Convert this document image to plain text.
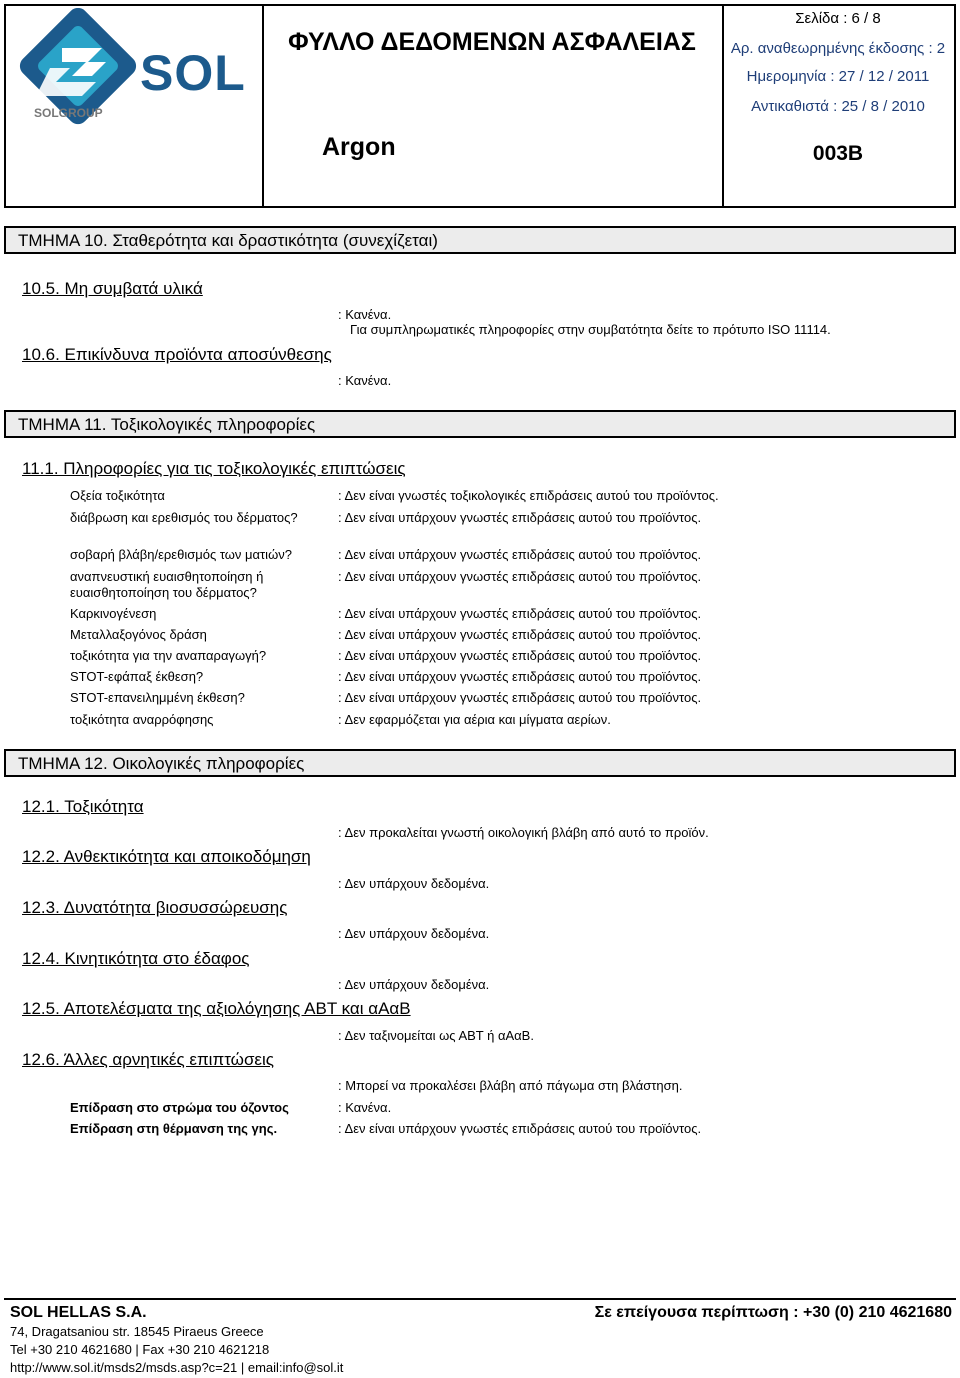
SOL
SOLGROUP
ΦΥΛΛΟ ΔΕΔΟΜΕΝΩΝ ΑΣΦΑΛΕΙΑΣ
Argon
Σελίδα : 6 / 8
Αρ. αναθεωρημένης έκδοσης : 2
Ημερομηνία : 27 / 12 / 2011
Αντικαθιστά : 25 / 8 / 2010
003B
ΤΜΗΜΑ 10. Σταθερότητα και δραστικότητα (συνεχίζεται)
10.5. Μη συμβατά υλικά
: Κανένα.
Για συμπληρωματικές πληροφορίες στην συμβατότητα δείτε το πρότυπο ISO 11114.
10.6. Επικίνδυνα προϊόντα αποσύνθεσης
: Κανένα.
ΤΜΗΜΑ 11. Τοξικολογικές πληροφορίες
11.1. Πληροφορίες για τις τοξικολογικές επιπτώσεις
Οξεία τοξικότητα	: Δεν είναι γνωστές τοξικολογικές επιδράσεις αυτού του προϊόντος.
διάβρωση και ερεθισμός του δέρματος?	: Δεν είναι υπάρχουν γνωστές επιδράσεις αυτού του προϊόντος.
σοβαρή βλάβη/ερεθισμός των ματιών?	: Δεν είναι υπάρχουν γνωστές επιδράσεις αυτού του προϊόντος.
αναπνευστική ευαισθητοποίηση ή ευαισθητοποίηση του δέρματος?
: Δεν είναι υπάρχουν γνωστές επιδράσεις αυτού του προϊόντος.
Καρκινογένεση	: Δεν είναι υπάρχουν γνωστές επιδράσεις αυτού του προϊόντος.
Μεταλλαξογόνος δράση	: Δεν είναι υπάρχουν γνωστές επιδράσεις αυτού του προϊόντος.
τοξικότητα για την αναπαραγωγή?	: Δεν είναι υπάρχουν γνωστές επιδράσεις αυτού του προϊόντος.
STOT-εφάπαξ έκθεση?	: Δεν είναι υπάρχουν γνωστές επιδράσεις αυτού του προϊόντος.
STOT-επανειλημμένη έκθεση?	: Δεν είναι υπάρχουν γνωστές επιδράσεις αυτού του προϊόντος.
τοξικότητα αναρρόφησης	: Δεν εφαρμόζεται για αέρια και μίγματα αερίων.
ΤΜΗΜΑ 12. Οικολογικές πληροφορίες
12.1. Τοξικότητα
: Δεν προκαλείται γνωστή οικολογική βλάβη από αυτό το προϊόν.
12.2. Ανθεκτικότητα και αποικοδόμηση
: Δεν υπάρχουν δεδομένα.
12.3. Δυνατότητα βιοσυσσώρευσης
: Δεν υπάρχουν δεδομένα.
12.4. Κινητικότητα στο έδαφος
: Δεν υπάρχουν δεδομένα.
12.5. Αποτελέσματα της αξιολόγησης ΑΒΤ και αΑαΒ
: Δεν ταξινομείται ως ΑΒΤ ή αΑαΒ.
12.6. Άλλες αρνητικές επιπτώσεις
: Μπορεί να προκαλέσει βλάβη από πάγωμα στη βλάστηση.
Επίδραση στο στρώμα του όζοντος	: Κανένα.
Επίδραση στη θέρμανση της γης.	: Δεν είναι υπάρχουν γνωστές επιδράσεις αυτού του προϊόντος.
SOL HELLAS S.A.	Σε επείγουσα περίπτωση : +30 (0) 210 4621680
74, Dragatsaniou str. 18545 Piraeus Greece
Tel +30 210 4621680 | Fax +30 210 4621218
http://www.sol.it/msds2/msds.asp?c=21 | email:info@sol.it
